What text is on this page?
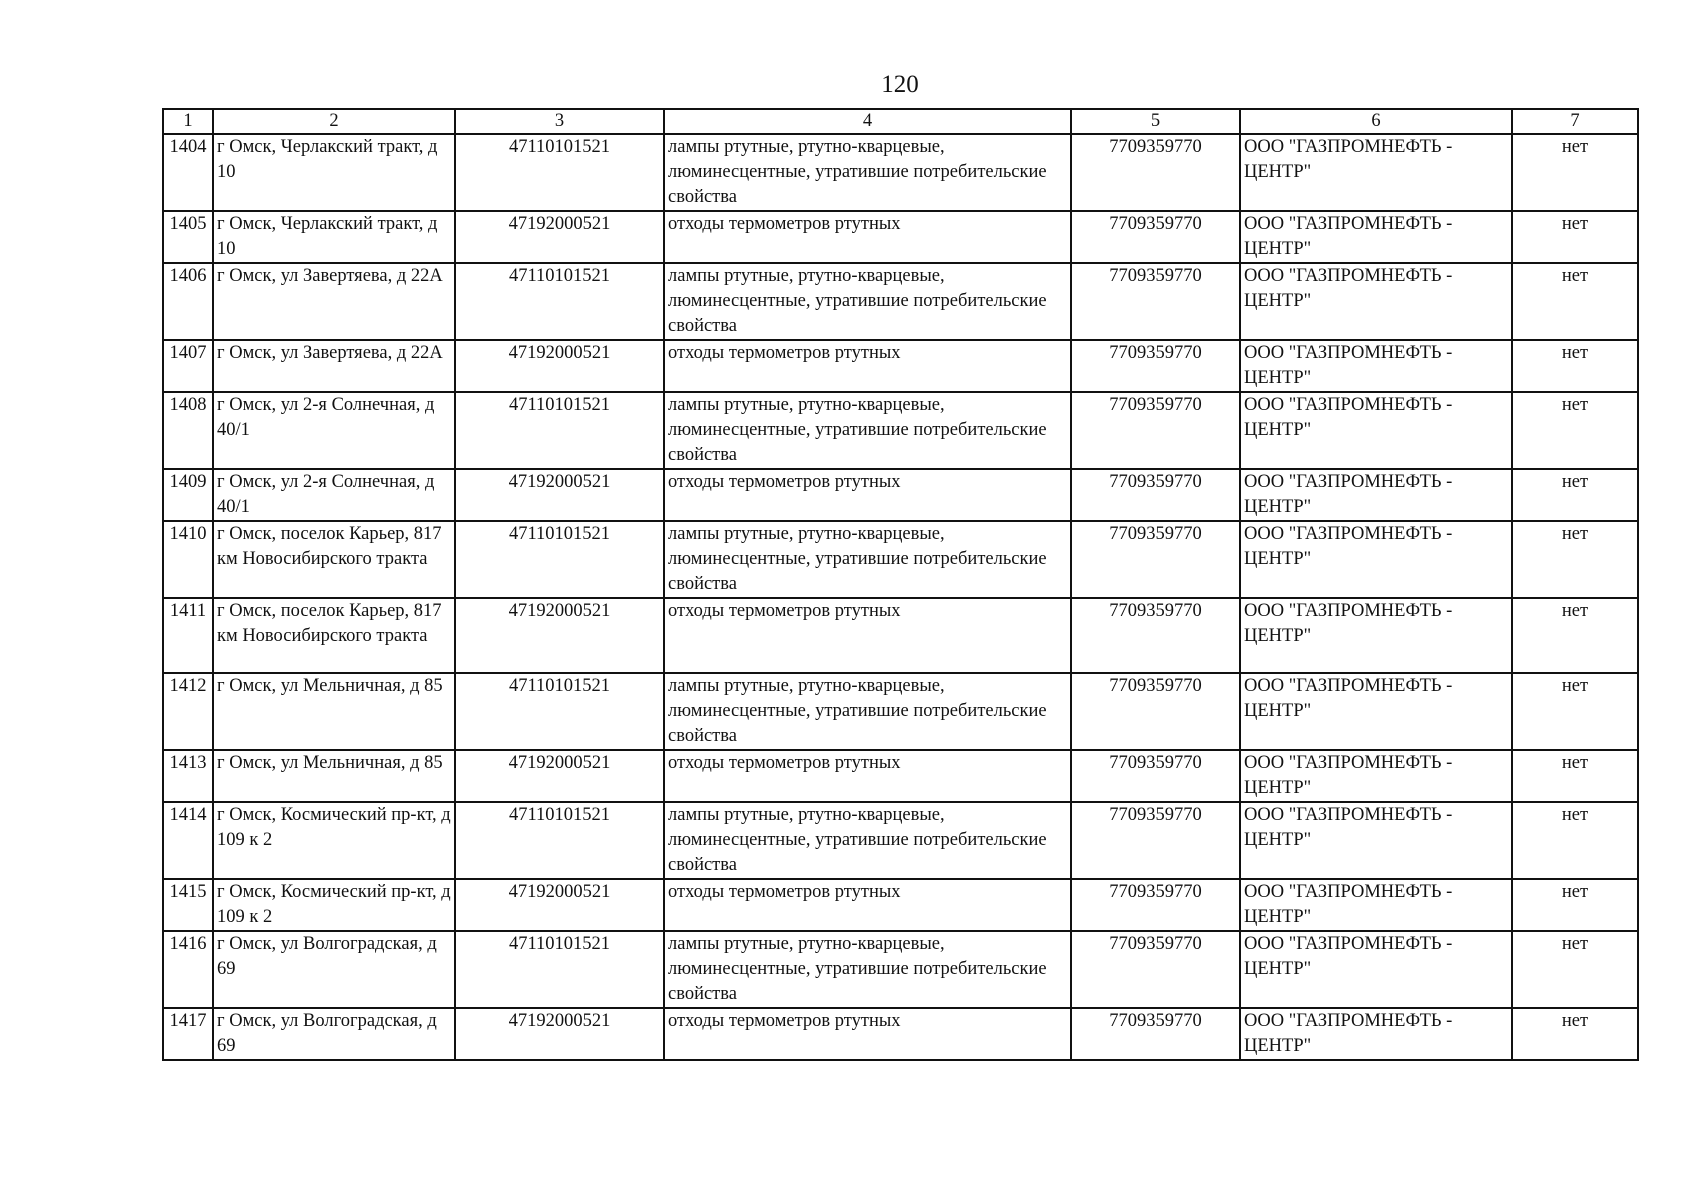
120
1	2	3	4	5	6	7
1404	г Омск, Черлакский тракт, д 10	47110101521	лампы ртутные, ртутно-кварцевые, люминесцентные, утратившие потребительские свойства	7709359770	ООО "ГАЗПРОМНЕФТЬ - ЦЕНТР"	нет
1405	г Омск, Черлакский тракт, д 10	47192000521	отходы термометров ртутных	7709359770	ООО "ГАЗПРОМНЕФТЬ - ЦЕНТР"	нет
1406	г Омск, ул Завертяева, д 22А	47110101521	лампы ртутные, ртутно-кварцевые, люминесцентные, утратившие потребительские свойства	7709359770	ООО "ГАЗПРОМНЕФТЬ - ЦЕНТР"	нет
1407	г Омск, ул Завертяева, д 22А	47192000521	отходы термометров ртутных	7709359770	ООО "ГАЗПРОМНЕФТЬ - ЦЕНТР"	нет
1408	г Омск, ул 2-я Солнечная, д 40/1	47110101521	лампы ртутные, ртутно-кварцевые, люминесцентные, утратившие потребительские свойства	7709359770	ООО "ГАЗПРОМНЕФТЬ - ЦЕНТР"	нет
1409	г Омск, ул 2-я Солнечная, д 40/1	47192000521	отходы термометров ртутных	7709359770	ООО "ГАЗПРОМНЕФТЬ - ЦЕНТР"	нет
1410	г Омск, поселок Карьер, 817 км Новосибирского тракта	47110101521	лампы ртутные, ртутно-кварцевые, люминесцентные, утратившие потребительские свойства	7709359770	ООО "ГАЗПРОМНЕФТЬ - ЦЕНТР"	нет
1411	г Омск, поселок Карьер, 817 км Новосибирского тракта	47192000521	отходы термометров ртутных	7709359770	ООО "ГАЗПРОМНЕФТЬ - ЦЕНТР"	нет
1412	г Омск, ул Мельничная, д 85	47110101521	лампы ртутные, ртутно-кварцевые, люминесцентные, утратившие потребительские свойства	7709359770	ООО "ГАЗПРОМНЕФТЬ - ЦЕНТР"	нет
1413	г Омск, ул Мельничная, д 85	47192000521	отходы термометров ртутных	7709359770	ООО "ГАЗПРОМНЕФТЬ - ЦЕНТР"	нет
1414	г Омск, Космический пр-кт, д 109 к 2	47110101521	лампы ртутные, ртутно-кварцевые, люминесцентные, утратившие потребительские свойства	7709359770	ООО "ГАЗПРОМНЕФТЬ - ЦЕНТР"	нет
1415	г Омск, Космический пр-кт, д 109 к 2	47192000521	отходы термометров ртутных	7709359770	ООО "ГАЗПРОМНЕФТЬ - ЦЕНТР"	нет
1416	г Омск, ул Волгоградская, д 69	47110101521	лампы ртутные, ртутно-кварцевые, люминесцентные, утратившие потребительские свойства	7709359770	ООО "ГАЗПРОМНЕФТЬ - ЦЕНТР"	нет
1417	г Омск, ул Волгоградская, д 69	47192000521	отходы термометров ртутных	7709359770	ООО "ГАЗПРОМНЕФТЬ - ЦЕНТР"	нет
